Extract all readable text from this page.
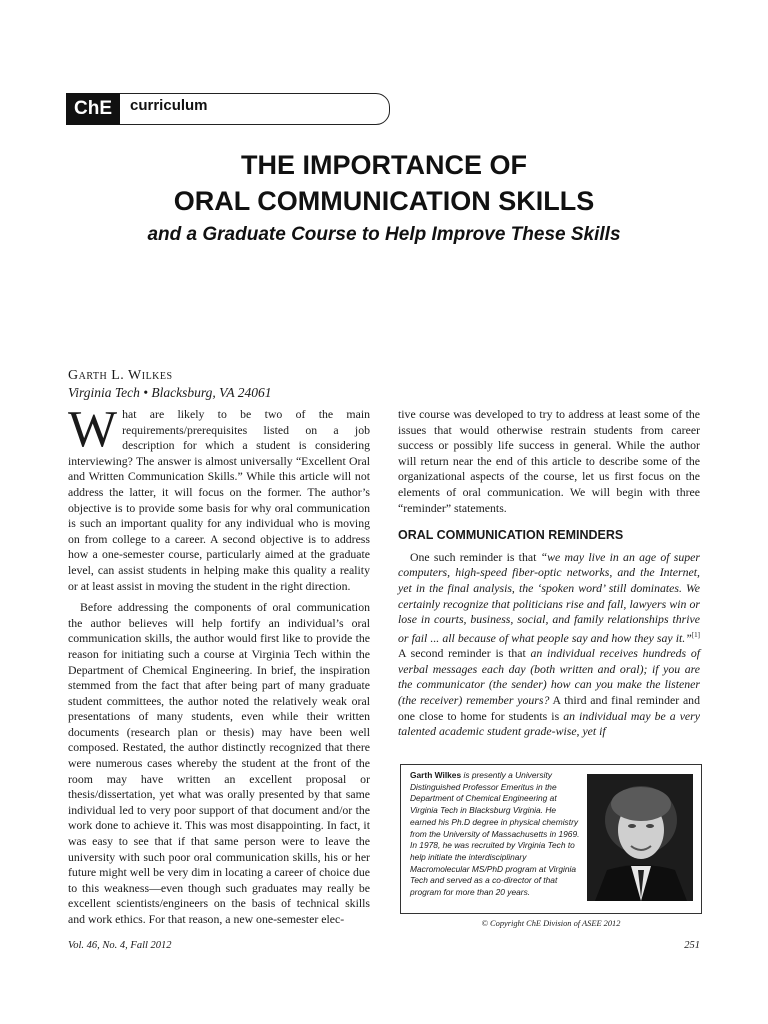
ChE	curriculum
THE IMPORTANCE OF
ORAL COMMUNICATION SKILLS
and a Graduate Course to Help Improve These Skills
Garth L. Wilkes
Virginia Tech • Blacksburg, VA 24061

What are likely to be two of the main requirements/prerequisites listed on a job description for which a student is considering interviewing? The answer is almost universally “Excellent Oral and Written Communication Skills.” While this article will not address the latter, it will focus on the former. The author’s objective is to provide some basis for why oral communication is such an important quality for any individual who is moving on from college to a career. A second objective is to address how a one-semester course, particularly aimed at the graduate level, can assist students in helping make this quality a reality or at least assist in moving the student in the right direction.

Before addressing the components of oral communication the author believes will help fortify an individual’s oral communication skills, the author would first like to provide the reason for initiating such a course at Virginia Tech within the Department of Chemical Engineering. In brief, the inspiration stemmed from the fact that after being part of many graduate student committees, the author noted the relatively weak oral presentations of many students, even while their written documents (research plan or thesis) may have been well composed. Restated, the author distinctly recognized that there were numerous cases whereby the student at the front of the room may have written an excellent proposal or thesis/dissertation, yet what was orally presented by that same individual led to very poor support of that document and/or the work done to achieve it. This was most disappointing. In fact, it was easy to see that if that same person were to leave the university with such poor oral communication skills, his or her future might well be very dim in locating a career of choice due to this weakness—even though such graduates may really be excellent scientists/engineers on the basis of technical skills and work ethics. For that reason, a new one-semester elec-

tive course was developed to try to address at least some of the issues that would otherwise restrain students from career success or possibly life success in general. While the author will return near the end of this article to describe some of the organizational aspects of the course, let us first focus on the elements of oral communication. We will begin with three “reminder” statements.

ORAL COMMUNICATION REMINDERS

One such reminder is that “we may live in an age of super computers, high-speed fiber-optic networks, and the Internet, yet in the final analysis, the ‘spoken word’ still dominates. We certainly recognize that politicians rise and fall, lawyers win or lose in courts, business, social, and family relationships thrive or fail ... all because of what people say and how they say it.”[1] A second reminder is that an individual receives hundreds of verbal messages each day (both written and oral); if you are the communicator (the sender) how can you make the listener (the receiver) remember yours? A third and final reminder and one close to home for students is an individual may be a very talented academic student grade-wise, yet if

Garth Wilkes is presently a University Distinguished Professor Emeritus in the Department of Chemical Engineering at Virginia Tech in Blacksburg Virginia. He earned his Ph.D degree in physical chemistry from the University of Massachusetts in 1969. In 1978, he was recruited by Virginia Tech to help initiate the interdisciplinary Macromolecular MS/PhD program at Virginia Tech and served as a co-director of that program for more than 20 years.
© Copyright ChE Division of ASEE 2012
Vol. 46, No. 4, Fall 2012	251
